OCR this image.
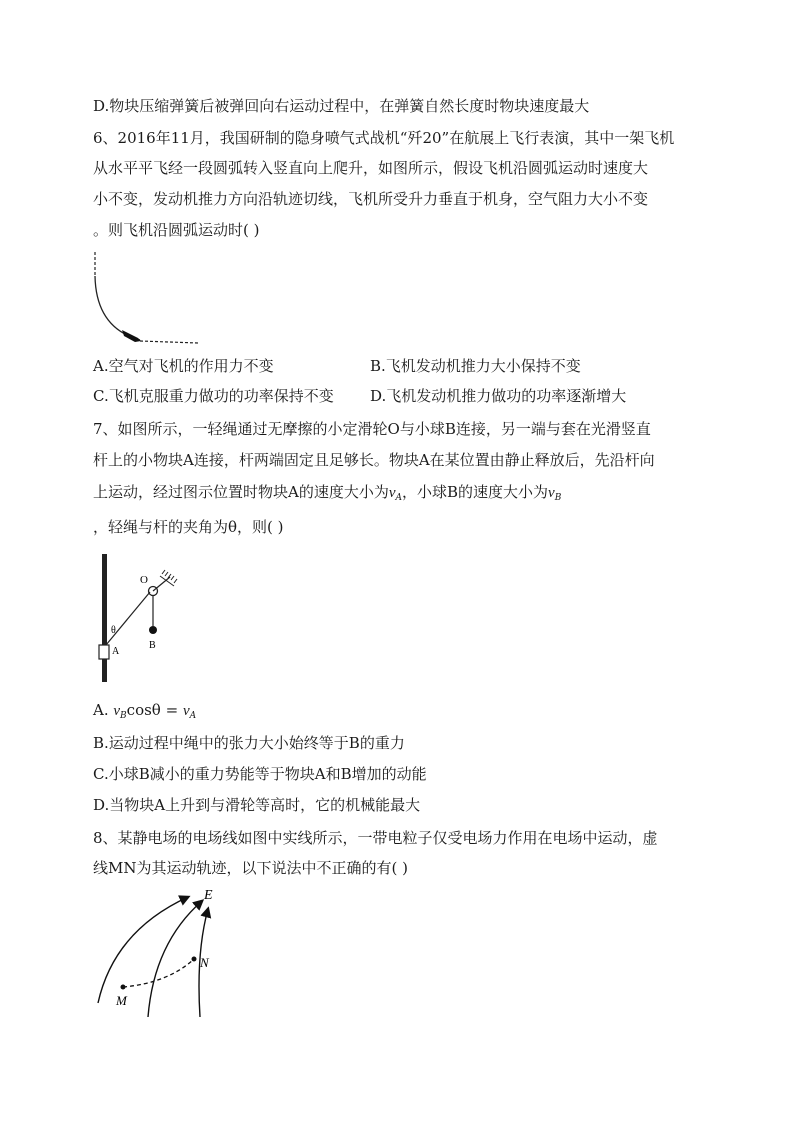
D.物块压缩弹簧后被弹回向右运动过程中，在弹簧自然长度时物块速度最大
6、2016年11月，我国研制的隐身喷气式战机“歼20”在航展上飞行表演，其中一架飞机
从水平平飞经一段圆弧转入竖直向上爬升，如图所示，假设飞机沿圆弧运动时速度大
小不变，发动机推力方向沿轨迹切线，飞机所受升力垂直于机身，空气阻力大小不变
。则飞机沿圆弧运动时( )
A.空气对飞机的作用力不变	B.飞机发动机推力大小保持不变
C.飞机克服重力做功的功率保持不变 D.飞机发动机推力做功的功率逐渐增大
7、如图所示，一轻绳通过无摩擦的小定滑轮O与小球B连接，另一端与套在光滑竖直
杆上的小物块A连接，杆两端固定且足够长。物块A在某位置由静止释放后，先沿杆向
上运动，经过图示位置时物块A的速度大小为$v_A$，小球B的速度大小为$v_B$
，轻绳与杆的夹角为θ，则( )
O
θ
A
B
A. $v_B\cos\theta = v_A$
B.运动过程中绳中的张力大小始终等于B的重力
C.小球B减小的重力势能等于物块A和B增加的动能
D.当物块A上升到与滑轮等高时，它的机械能最大
8、某静电场的电场线如图中实线所示，一带电粒子仅受电场力作用在电场中运动，虚
线MN为其运动轨迹，以下说法中不正确的有( )
E
M
N
